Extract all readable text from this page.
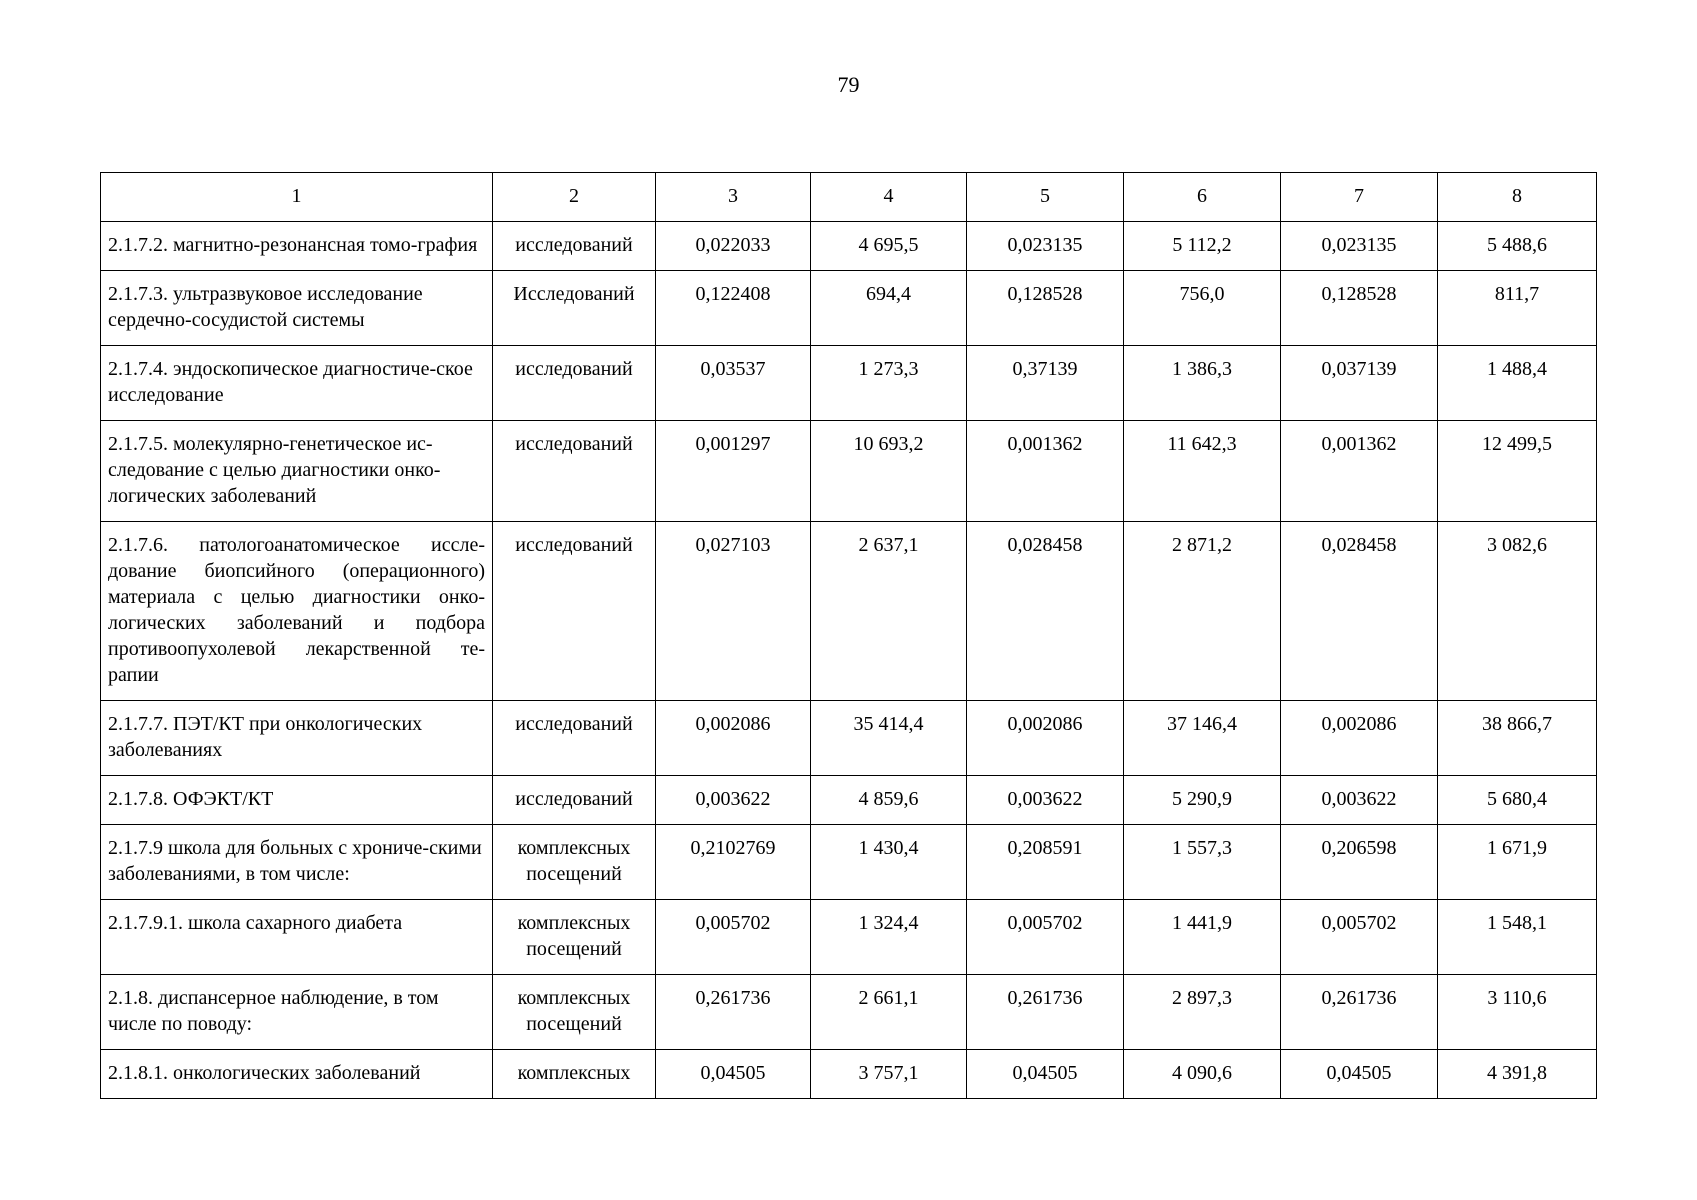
79
1	2	3	4	5	6	7	8
2.1.7.2. магнитно-резонансная томо-графия	исследований	0,022033	4 695,5	0,023135	5 112,2	0,023135	5 488,6
2.1.7.3. ультразвуковое исследование сердечно-сосудистой системы	Исследований	0,122408	694,4	0,128528	756,0	0,128528	811,7
2.1.7.4. эндоскопическое диагностиче-ское исследование	исследований	0,03537	1 273,3	0,37139	1 386,3	0,037139	1 488,4
2.1.7.5. молекулярно-генетическое ис-следование с целью диагностики онко-логических заболеваний	исследований	0,001297	10 693,2	0,001362	11 642,3	0,001362	12 499,5
2.1.7.6. патологоанатомическое иссле-дование биопсийного (операционного) материала с целью диагностики онко-логических заболеваний и подбора противоопухолевой лекарственной те-рапии	исследований	0,027103	2 637,1	0,028458	2 871,2	0,028458	3 082,6
2.1.7.7. ПЭТ/КТ при онкологических заболеваниях	исследований	0,002086	35 414,4	0,002086	37 146,4	0,002086	38 866,7
2.1.7.8. ОФЭКТ/КТ	исследований	0,003622	4 859,6	0,003622	5 290,9	0,003622	5 680,4
2.1.7.9 школа для больных с хрониче-скими заболеваниями, в том числе:	комплексных посещений	0,2102769	1 430,4	0,208591	1 557,3	0,206598	1 671,9
2.1.7.9.1. школа сахарного диабета	комплексных посещений	0,005702	1 324,4	0,005702	1 441,9	0,005702	1 548,1
2.1.8. диспансерное наблюдение, в том числе по поводу:	комплексных посещений	0,261736	2 661,1	0,261736	2 897,3	0,261736	3 110,6
2.1.8.1. онкологических заболеваний	комплексных	0,04505	3 757,1	0,04505	4 090,6	0,04505	4 391,8
